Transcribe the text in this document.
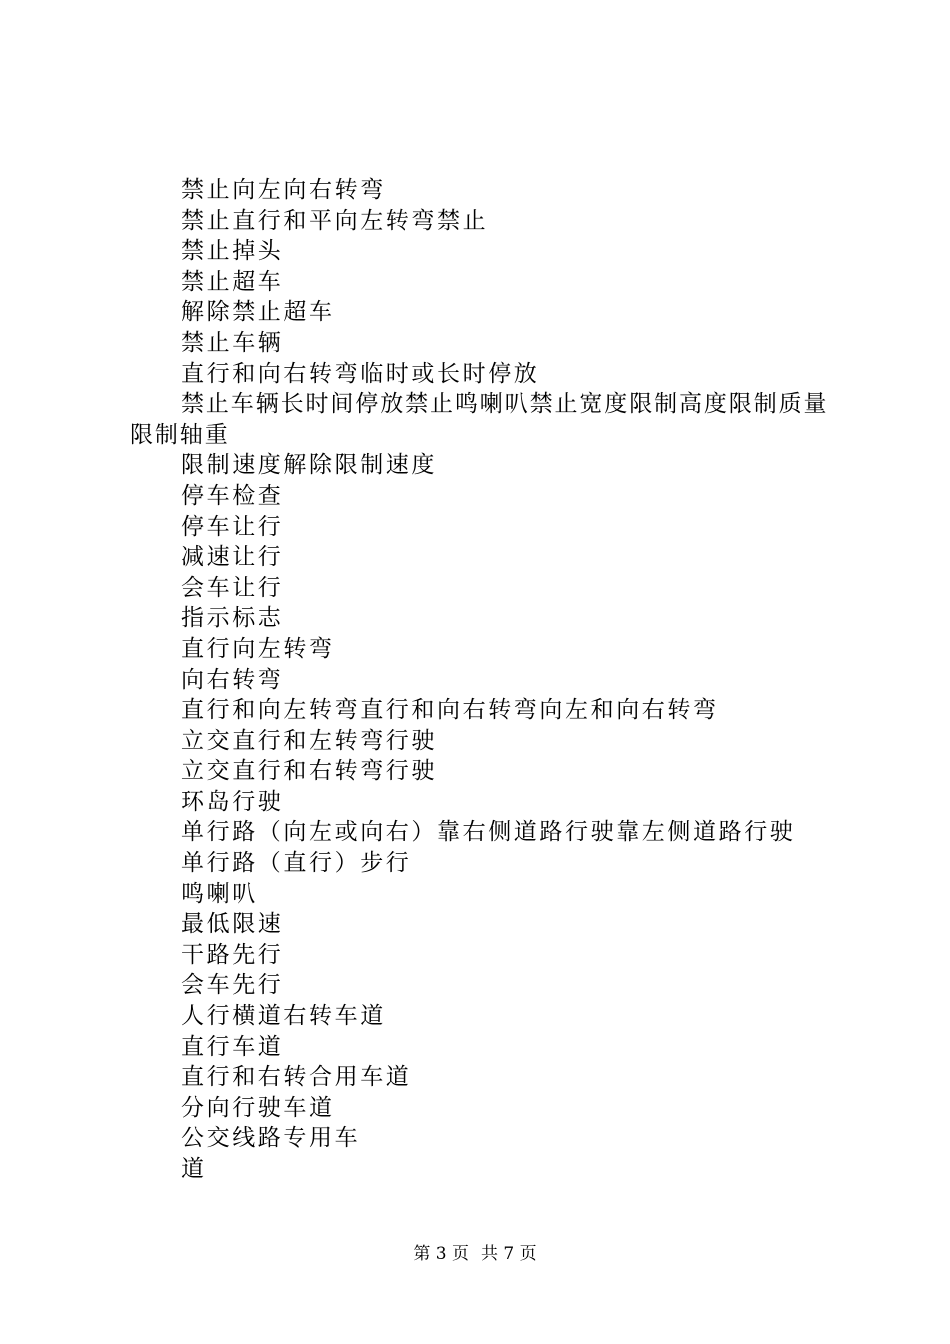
禁止向左向右转弯
禁止直行和平向左转弯禁止
禁止掉头
禁止超车
解除禁止超车
禁止车辆
直行和向右转弯临时或长时停放
禁止车辆长时间停放禁止鸣喇叭禁止宽度限制高度限制质量限制轴重
限制速度解除限制速度
停车检查
停车让行
减速让行
会车让行
指示标志
直行向左转弯
向右转弯
直行和向左转弯直行和向右转弯向左和向右转弯
立交直行和左转弯行驶
立交直行和右转弯行驶
环岛行驶
单行路（向左或向右）靠右侧道路行驶靠左侧道路行驶
单行路（直行）步行
鸣喇叭
最低限速
干路先行
会车先行
人行横道右转车道
直行车道
直行和右转合用车道
分向行驶车道
公交线路专用车
道
第 3 页 共 7 页
